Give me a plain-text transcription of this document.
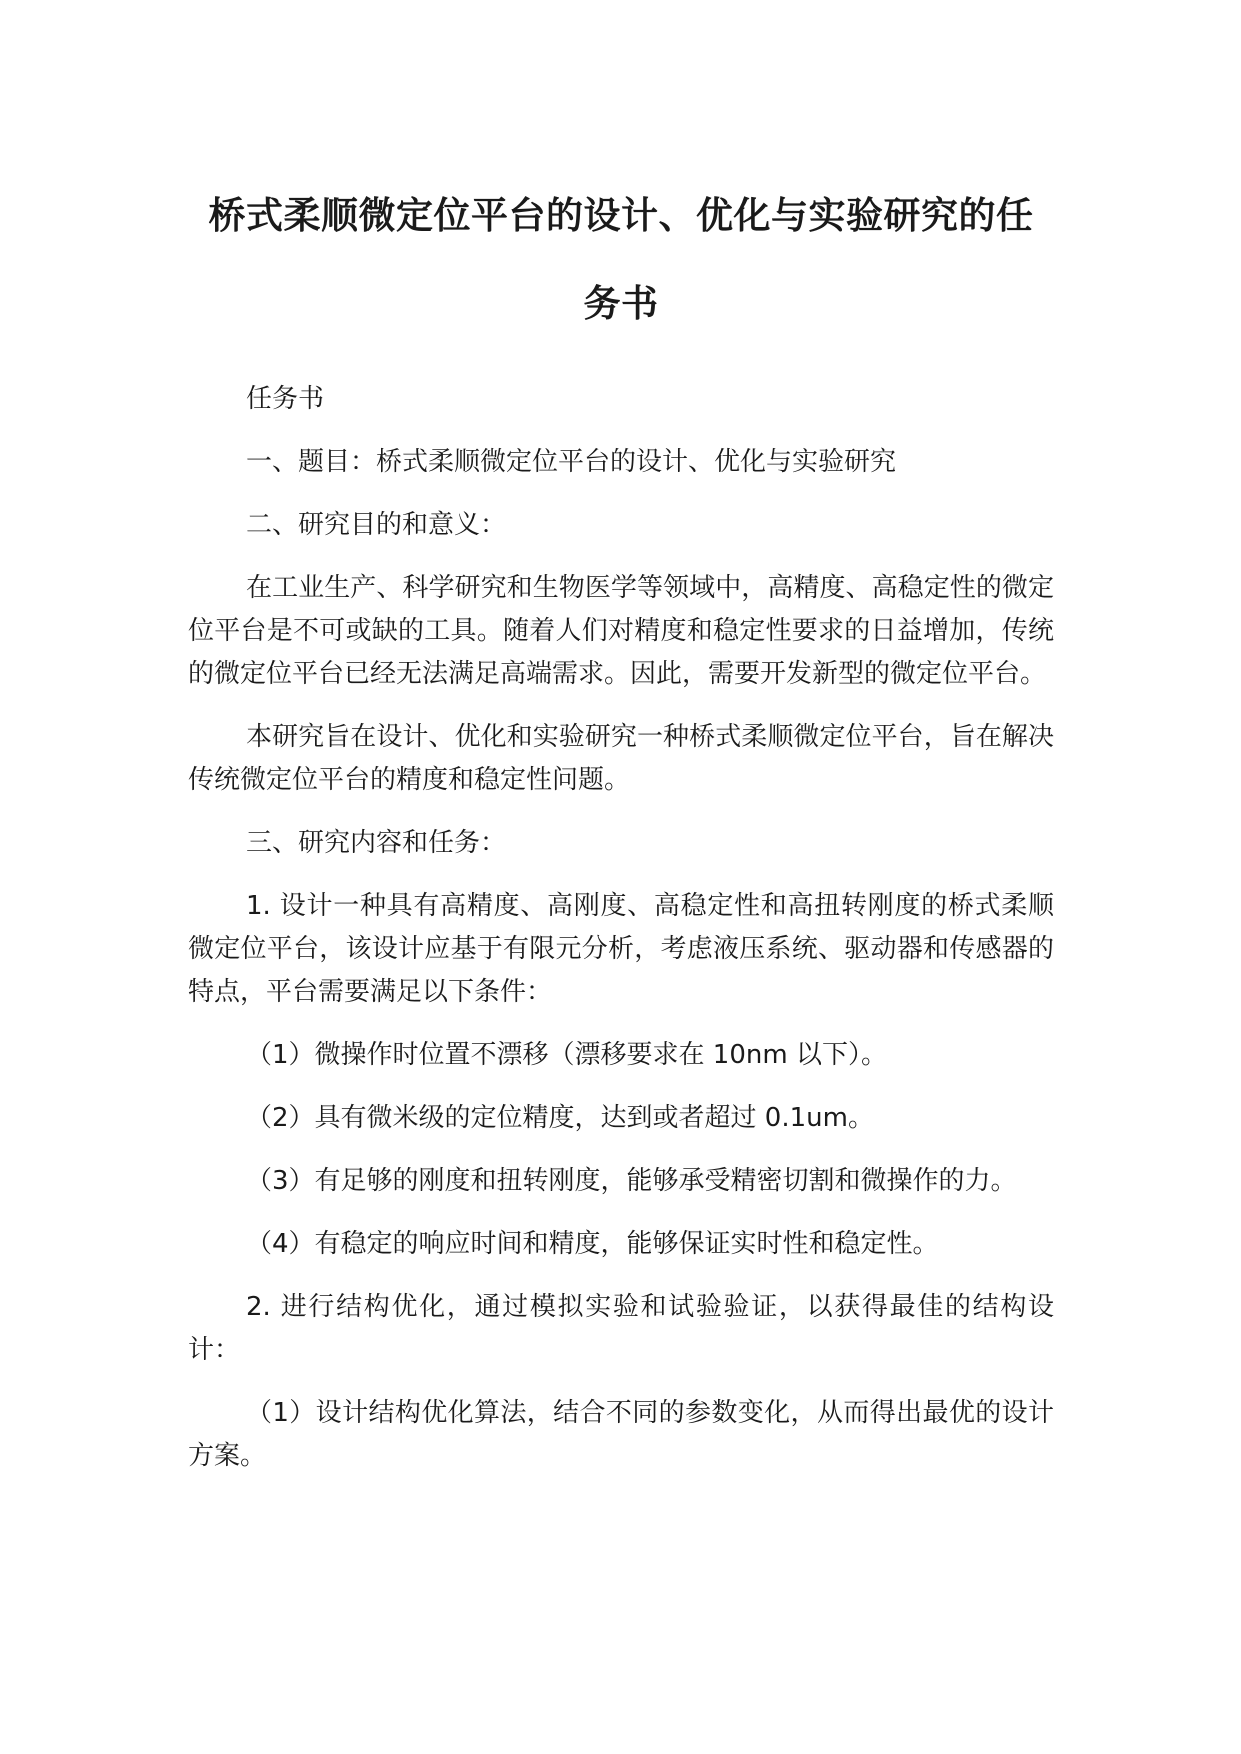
桥式柔顺微定位平台的设计、优化与实验研究的任

务书

任务书

一、题目：桥式柔顺微定位平台的设计、优化与实验研究

二、研究目的和意义：

在工业生产、科学研究和生物医学等领域中，高精度、高稳定性的微定位平台是不可或缺的工具。随着人们对精度和稳定性要求的日益增加，传统的微定位平台已经无法满足高端需求。因此，需要开发新型的微定位平台。

本研究旨在设计、优化和实验研究一种桥式柔顺微定位平台，旨在解决传统微定位平台的精度和稳定性问题。

三、研究内容和任务：

1. 设计一种具有高精度、高刚度、高稳定性和高扭转刚度的桥式柔顺微定位平台，该设计应基于有限元分析，考虑液压系统、驱动器和传感器的特点，平台需要满足以下条件：

（1）微操作时位置不漂移（漂移要求在 10nm 以下）。

（2）具有微米级的定位精度，达到或者超过 0.1um。

（3）有足够的刚度和扭转刚度，能够承受精密切割和微操作的力。

（4）有稳定的响应时间和精度，能够保证实时性和稳定性。

2. 进行结构优化，通过模拟实验和试验验证，以获得最佳的结构设计：

（1）设计结构优化算法，结合不同的参数变化，从而得出最优的设计方案。
